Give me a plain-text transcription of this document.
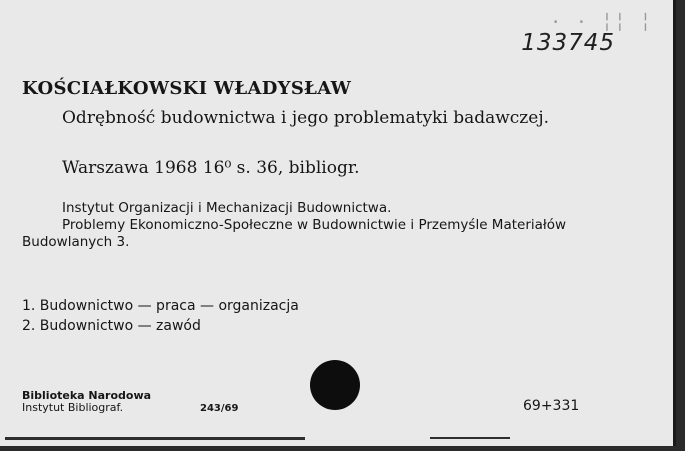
· · ╎╎ ╎
133745
KOŚCIAŁKOWSKI WŁADYSŁAW
Odrębność budownictwa i jego problematyki badawczej.
Warszawa 1968 16⁰ s. 36, bibliogr.
Instytut Organizacji i Mechanizacji Budownictwa.
Problemy Ekonomiczno-Społeczne w Budownictwie i Przemyśle Materiałów Budowlanych 3.
1. Budownictwo — praca — organizacja
2. Budownictwo — zawód
Biblioteka Narodowa
Instytut Bibliograf.	243/69	69+331
